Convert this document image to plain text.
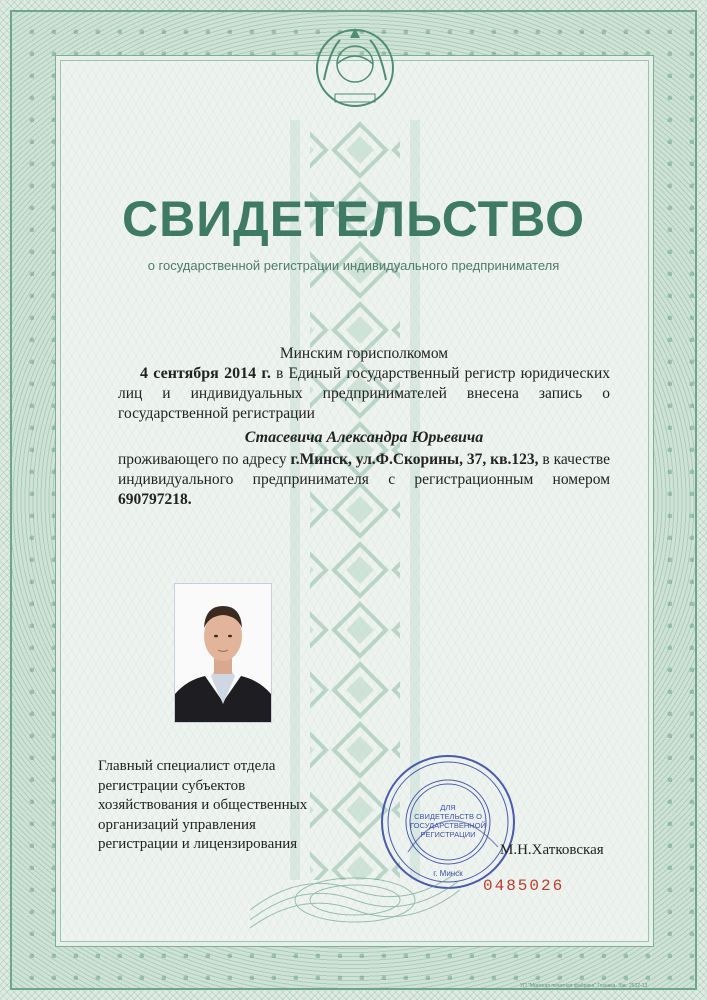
СВИДЕТЕЛЬСТВО
о государственной регистрации индивидуального предпринимателя
Минским горисполкомом
4 сентября 2014 г. в Единый государственный регистр юридических лиц и индивидуальных предпринимателей внесена запись о государственной регистрации
Стасевича Александра Юрьевича
проживающего по адресу г.Минск, ул.Ф.Скорины, 37, кв.123, в качестве индивидуального предпринимателя с регистрационным номером 690797218.
Главный специалист отдела
регистрации субъектов
хозяйствования и общественных
организаций управления
регистрации и лицензирования
ДЛЯ
СВИДЕТЕЛЬСТВ О
ГОСУДАРСТВЕННОЙ
РЕГИСТРАЦИИ
г. Минск
М.Н.Хатковская
0485026
УП "Минская печатная фабрика" Гознака. Зак. 2532-13
